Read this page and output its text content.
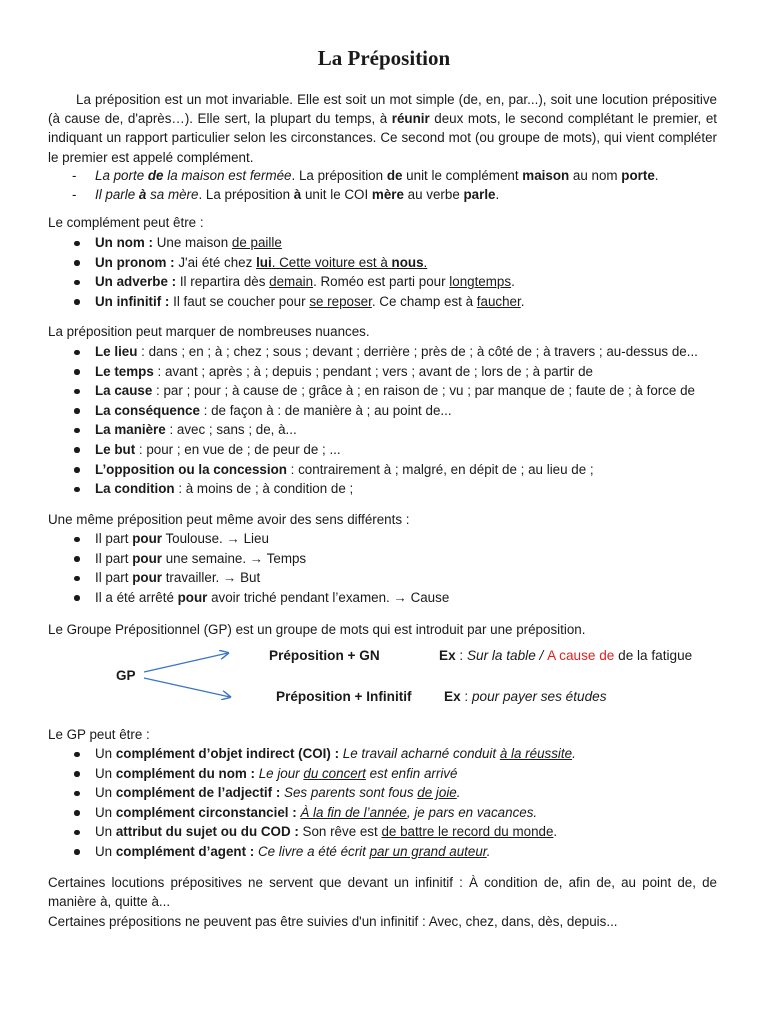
La Préposition

La préposition est un mot invariable. Elle est soit un mot simple (de, en, par...), soit une locution prépositive (à cause de, d'après…). Elle sert, la plupart du temps, à réunir deux mots, le second complétant le premier, et indiquant un rapport particulier selon les circonstances. Ce second mot (ou groupe de mots), qui vient compléter le premier est appelé complément.

- La porte de la maison est fermée. La préposition de unit le complément maison au nom porte.
- Il parle à sa mère. La préposition à unit le COI mère au verbe parle.
Le complément peut être :
Un nom : Une maison de paille
Un pronom : J'ai été chez lui. Cette voiture est à nous.
Un adverbe : Il repartira dès demain. Roméo est parti pour longtemps.
Un infinitif : Il faut se coucher pour se reposer. Ce champ est à faucher.
La préposition peut marquer de nombreuses nuances.
Le lieu : dans ; en ; à ; chez ; sous ; devant ; derrière ; près de ; à côté de ; à travers ; au-dessus de...
Le temps : avant ; après ; à ; depuis ; pendant ; vers ; avant de ; lors de ; à partir de
La cause : par ; pour ; à cause de ; grâce à ; en raison de ; vu ; par manque de ; faute de ; à force de
La conséquence : de façon à : de manière à ; au point de...
La manière : avec ; sans ; de, à...
Le but : pour ; en vue de ; de peur de ; ...
L’opposition ou la concession : contrairement à ; malgré, en dépit de ; au lieu de ;
La condition : à moins de ; à condition de ;
Une même préposition peut même avoir des sens différents :
Il part pour Toulouse. → Lieu
Il part pour une semaine. → Temps
Il part pour travailler. → But
Il a été arrêté pour avoir triché pendant l’examen. → Cause
Le Groupe Prépositionnel (GP) est un groupe de mots qui est introduit par une préposition.
GP
Préposition + GN	Ex : Sur la table / A cause de de la fatigue
Préposition + Infinitif Ex : pour payer ses études
Le GP peut être :
Un complément d’objet indirect (COI) : Le travail acharné conduit à la réussite.
Un complément du nom : Le jour du concert est enfin arrivé
Un complément de l’adjectif : Ses parents sont fous de joie.
Un complément circonstanciel : À la fin de l’année, je pars en vacances.
Un attribut du sujet ou du COD : Son rêve est de battre le record du monde.
Un complément d’agent : Ce livre a été écrit par un grand auteur.

Certaines locutions prépositives ne servent que devant un infinitif : À condition de, afin de, au point de, de manière à, quitte à...

Certaines prépositions ne peuvent pas être suivies d'un infinitif : Avec, chez, dans, dès, depuis...
